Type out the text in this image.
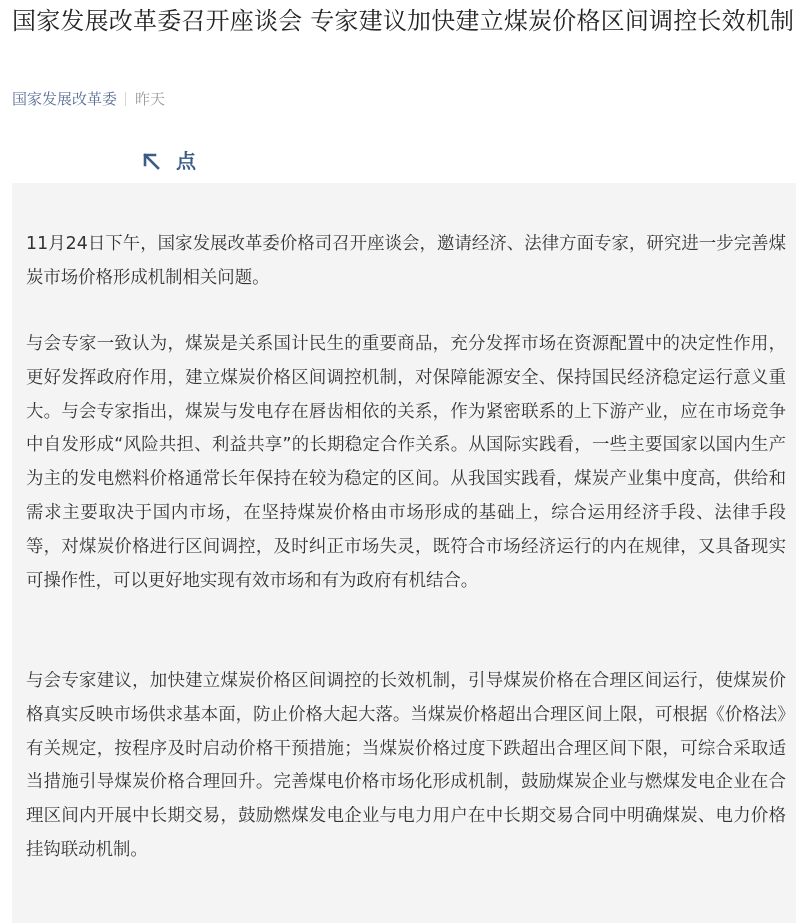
国家发展改革委召开座谈会 专家建议加快建立煤炭价格区间调控长效机制
国家发展改革委 昨天
点

11月24日下午，国家发展改革委价格司召开座谈会，邀请经济、法律方面专家，研究进一步完善煤炭市场价格形成机制相关问题。

与会专家一致认为，煤炭是关系国计民生的重要商品，充分发挥市场在资源配置中的决定性作用，更好发挥政府作用，建立煤炭价格区间调控机制，对保障能源安全、保持国民经济稳定运行意义重大。与会专家指出，煤炭与发电存在唇齿相依的关系，作为紧密联系的上下游产业，应在市场竞争中自发形成“风险共担、利益共享”的长期稳定合作关系。从国际实践看，一些主要国家以国内生产为主的发电燃料价格通常长年保持在较为稳定的区间。从我国实践看，煤炭产业集中度高，供给和需求主要取决于国内市场，在坚持煤炭价格由市场形成的基础上，综合运用经济手段、法律手段等，对煤炭价格进行区间调控，及时纠正市场失灵，既符合市场经济运行的内在规律，又具备现实可操作性，可以更好地实现有效市场和有为政府有机结合。

与会专家建议，加快建立煤炭价格区间调控的长效机制，引导煤炭价格在合理区间运行，使煤炭价格真实反映市场供求基本面，防止价格大起大落。当煤炭价格超出合理区间上限，可根据《价格法》有关规定，按程序及时启动价格干预措施；当煤炭价格过度下跌超出合理区间下限，可综合采取适当措施引导煤炭价格合理回升。完善煤电价格市场化形成机制，鼓励煤炭企业与燃煤发电企业在合理区间内开展中长期交易，鼓励燃煤发电企业与电力用户在中长期交易合同中明确煤炭、电力价格挂钩联动机制。
